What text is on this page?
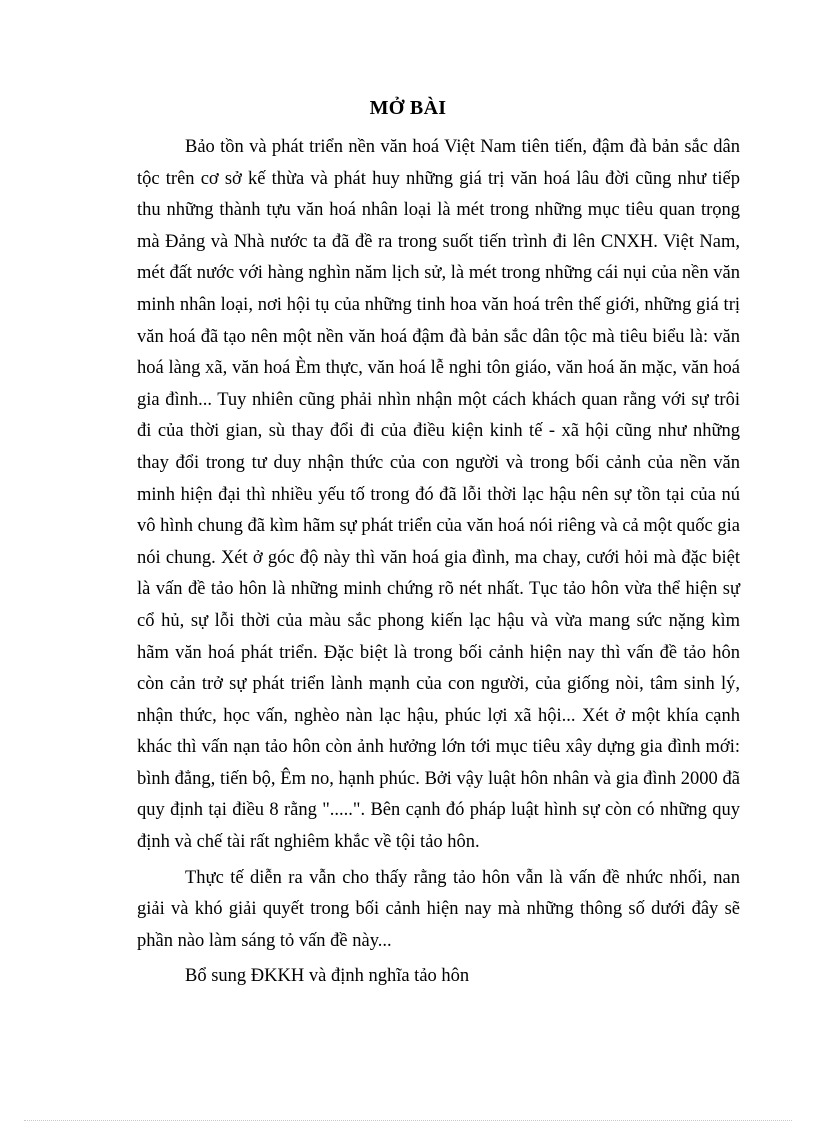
MỞ BÀI

Bảo tồn và phát triển nền văn hoá Việt Nam tiên tiến, đậm đà bản sắc dân tộc trên cơ sở kế thừa và phát huy những giá trị văn hoá lâu đời cũng như tiếp thu những thành tựu văn hoá nhân loại là mét trong những mục tiêu quan trọng mà Đảng và Nhà nước ta đã đề ra trong suốt tiến trình đi lên CNXH. Việt Nam, mét đất nước với hàng nghìn năm lịch sử, là mét trong những cái nụi của nền văn minh nhân loại, nơi hội tụ của những tinh hoa văn hoá trên thế giới, những giá trị văn hoá đã tạo nên một nền văn hoá đậm đà bản sắc dân tộc mà tiêu biểu là: văn hoá làng xã, văn hoá Èm thực, văn hoá lễ nghi tôn giáo, văn hoá ăn mặc, văn hoá gia đình... Tuy nhiên cũng phải nhìn nhận một cách khách quan rằng với sự trôi đi của thời gian, sù thay đổi đi của điều kiện kinh tế - xã hội cũng như những thay đổi trong tư duy nhận thức của con người và trong bối cảnh của nền văn minh hiện đại thì nhiều yếu tố trong đó đã lỗi thời lạc hậu nên sự tồn tại của nú vô hình chung đã kìm hãm sự phát triển của văn hoá nói riêng và cả một quốc gia nói chung. Xét ở góc độ này thì văn hoá gia đình, ma chay, cưới hỏi mà đặc biệt là vấn đề tảo hôn là những minh chứng rõ nét nhất. Tục tảo hôn vừa thể hiện sự cổ hủ, sự lỗi thời của màu sắc phong kiến lạc hậu và vừa mang sức nặng kìm hãm văn hoá phát triển. Đặc biệt là trong bối cảnh hiện nay thì vấn đề tảo hôn còn cản trở sự phát triển lành mạnh của con người, của giống nòi, tâm sinh lý, nhận thức, học vấn, nghèo nàn lạc hậu, phúc lợi xã hội... Xét ở một khía cạnh khác thì vấn nạn tảo hôn còn ảnh hưởng lớn tới mục tiêu xây dựng gia đình mới: bình đẳng, tiến bộ, Êm no, hạnh phúc. Bởi vậy luật hôn nhân và gia đình 2000 đã quy định tại điều 8 rằng ".....". Bên cạnh đó pháp luật hình sự còn có những quy định và chế tài rất nghiêm khắc về tội tảo hôn.

Thực tế diễn ra vẫn cho thấy rằng tảo hôn vẫn là vấn đề nhức nhối, nan giải và khó giải quyết trong bối cảnh hiện nay mà những thông số dưới đây sẽ phần nào làm sáng tỏ vấn đề này...

Bổ sung ĐKKH và định nghĩa tảo hôn
